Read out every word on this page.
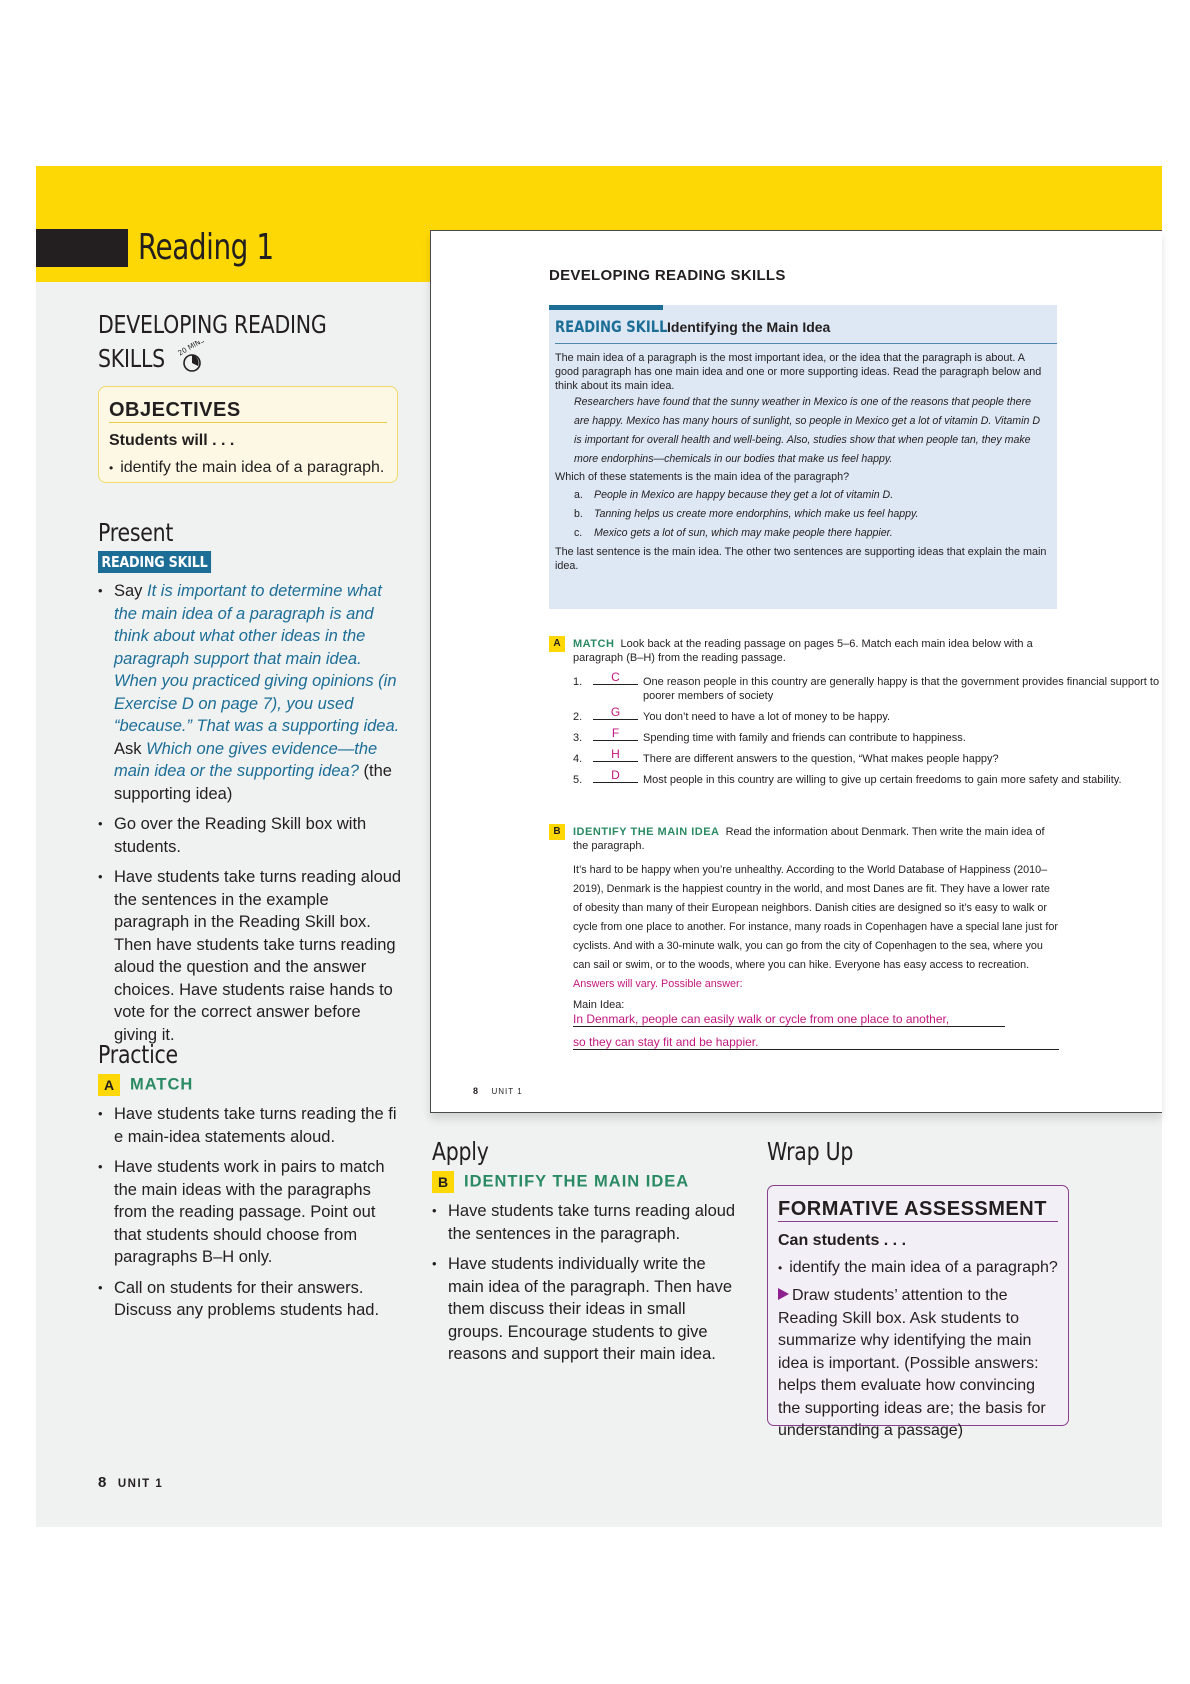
Reading 1
DEVELOPING READING
SKILLS 20 MINS
OBJECTIVES
Students will . . .
• identify the main idea of a paragraph.
Present
READING SKILL
• Say It is important to determine what the main idea of a paragraph is and think about what other ideas in the paragraph support that main idea. When you practiced giving opinions (in Exercise D on page 7), you used “because.” That was a supporting idea. Ask Which one gives evidence—the main idea or the supporting idea? (the supporting idea)
• Go over the Reading Skill box with students.
• Have students take turns reading aloud the sentences in the example paragraph in the Reading Skill box. Then have students take turns reading aloud the question and the answer choices. Have students raise hands to vote for the correct answer before giving it.
Practice
A MATCH
• Have students take turns reading the fi e main-idea statements aloud.
• Have students work in pairs to match the main ideas with the paragraphs from the reading passage. Point out that students should choose from paragraphs B–H only.
• Call on students for their answers. Discuss any problems students had.
DEVELOPING READING SKILLS
READING SKILL Identifying the Main Idea
The main idea of a paragraph is the most important idea, or the idea that the paragraph is about. A good paragraph has one main idea and one or more supporting ideas. Read the paragraph below and think about its main idea.
Researchers have found that the sunny weather in Mexico is one of the reasons that people there are happy. Mexico has many hours of sunlight, so people in Mexico get a lot of vitamin D. Vitamin D is important for overall health and well-being. Also, studies show that when people tan, they make more endorphins—chemicals in our bodies that make us feel happy.
Which of these statements is the main idea of the paragraph?
a. People in Mexico are happy because they get a lot of vitamin D.
b. Tanning helps us create more endorphins, which make us feel happy.
c. Mexico gets a lot of sun, which may make people there happier.
The last sentence is the main idea. The other two sentences are supporting ideas that explain the main idea.
A	MATCH Look back at the reading passage on pages 5–6. Match each main idea below with a paragraph (B–H) from the reading passage.
1.	C	One reason people in this country are generally happy is that the government provides financial support to poorer members of society
2.	G	You don’t need to have a lot of money to be happy.
3.	F	Spending time with family and friends can contribute to happiness.
4.	H	There are different answers to the question, “What makes people happy?
5.	D	Most people in this country are willing to give up certain freedoms to gain more safety and stability.
B	IDENTIFY THE MAIN IDEA Read the information about Denmark. Then write the main idea of the paragraph.
It’s hard to be happy when you’re unhealthy. According to the World Database of Happiness (2010–2019), Denmark is the happiest country in the world, and most Danes are fit. They have a lower rate of obesity than many of their European neighbors. Danish cities are designed so it’s easy to walk or cycle from one place to another. For instance, many roads in Copenhagen have a special lane just for cyclists. And with a 30-minute walk, you can go from the city of Copenhagen to the sea, where you can sail or swim, or to the woods, where you can hike. Everyone has easy access to recreation. Answers will vary. Possible answer:
Main Idea: In Denmark, people can easily walk or cycle from one place to another,
so they can stay fit and be happier.
8 UNIT 1
Apply
B IDENTIFY THE MAIN IDEA
• Have students take turns reading aloud the sentences in the paragraph.
• Have students individually write the main idea of the paragraph. Then have them discuss their ideas in small groups. Encourage students to give reasons and support their main idea.
Wrap Up
FORMATIVE ASSESSMENT
Can students . . .
• identify the main idea of a paragraph?
Draw students’ attention to the Reading Skill box. Ask students to summarize why identifying the main idea is important. (Possible answers: helps them evaluate how convincing the supporting ideas are; the basis for understanding a passage)
8 UNIT 1
